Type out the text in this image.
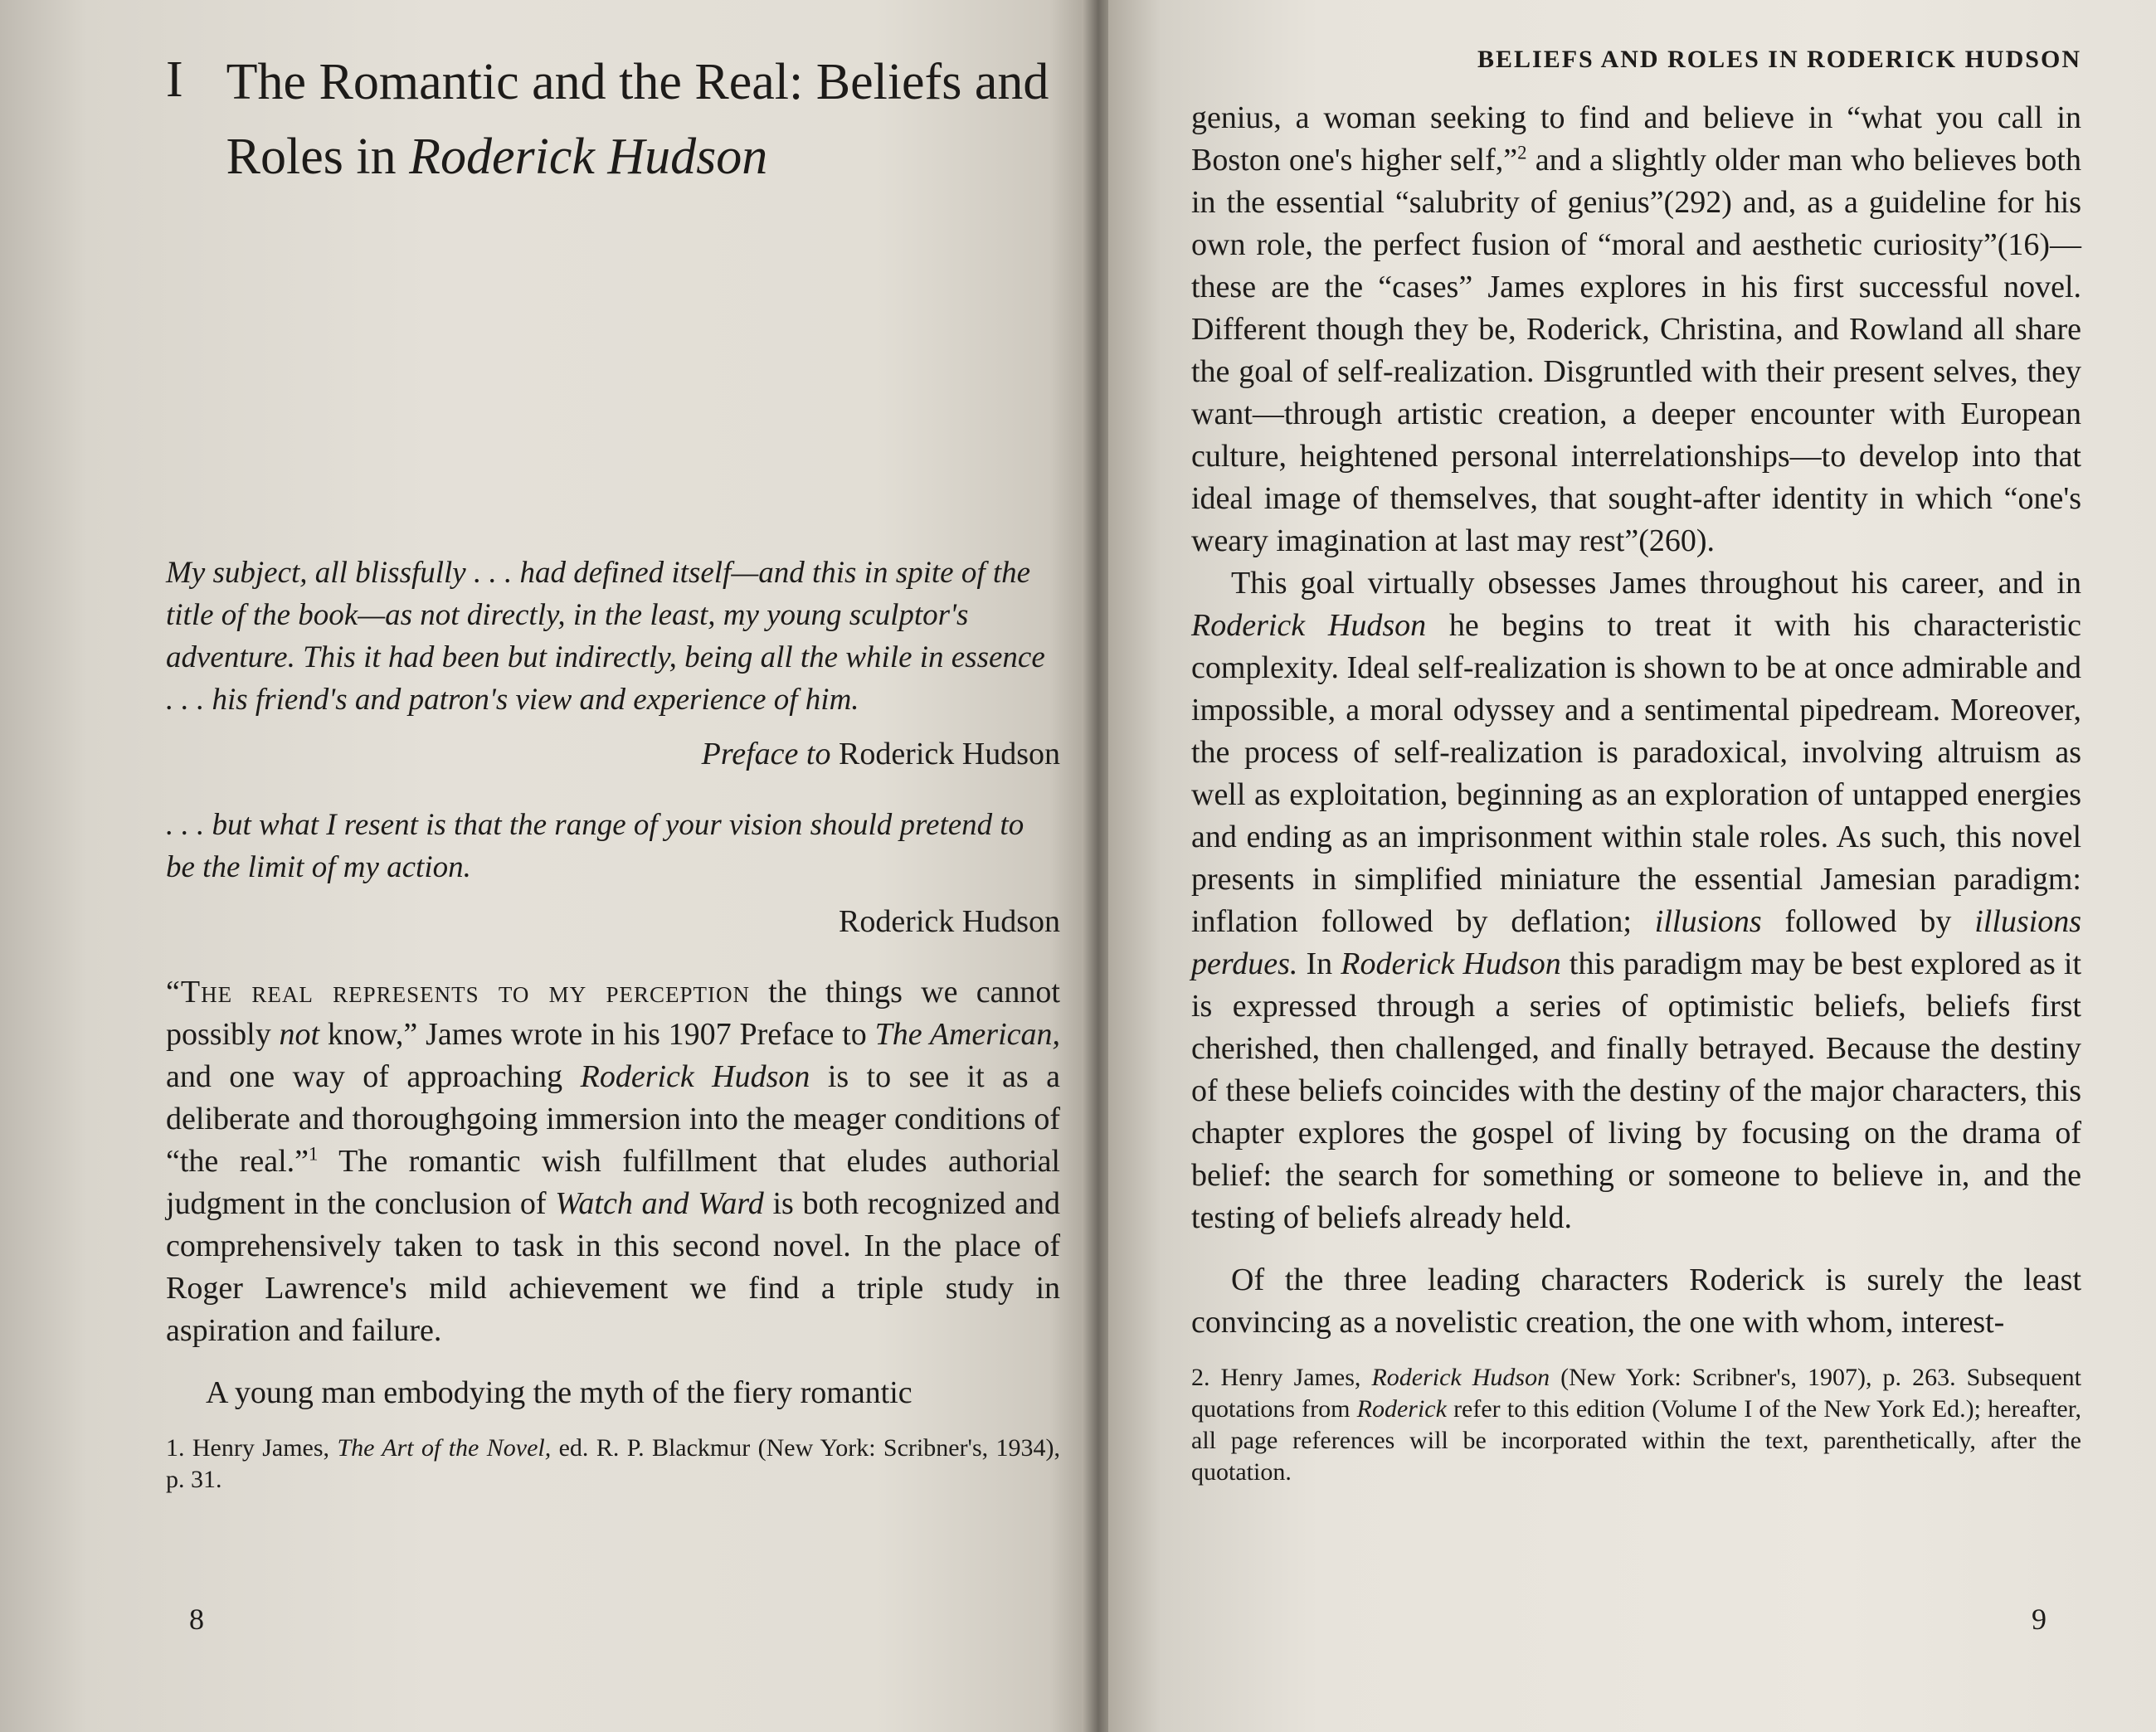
I The Romantic and the Real: Beliefs and Roles in Roderick Hudson
My subject, all blissfully . . . had defined itself—and this in spite of the title of the book—as not directly, in the least, my young sculptor's adventure. This it had been but indirectly, being all the while in essence . . . his friend's and patron's view and experience of him.
Preface to Roderick Hudson
. . . but what I resent is that the range of your vision should pretend to be the limit of my action.
Roderick Hudson

“The real represents to my perception the things we cannot possibly not know,” James wrote in his 1907 Preface to The American, and one way of approaching Roderick Hudson is to see it as a deliberate and thoroughgoing immersion into the meager conditions of “the real.”$^1$ The romantic wish fulfillment that eludes authorial judgment in the conclusion of Watch and Ward is both recognized and comprehensively taken to task in this second novel. In the place of Roger Lawrence's mild achievement we find a triple study in aspiration and failure.

A young man embodying the myth of the fiery romantic

1. Henry James, The Art of the Novel, ed. R. P. Blackmur (New York: Scribner's, 1934), p. 31.
8
BELIEFS AND ROLES IN RODERICK HUDSON

genius, a woman seeking to find and believe in “what you call in Boston one's higher self,”$^2$ and a slightly older man who believes both in the essential “salubrity of genius”(292) and, as a guideline for his own role, the perfect fusion of “moral and aesthetic curiosity”(16)—these are the “cases” James explores in his first successful novel. Different though they be, Roderick, Christina, and Rowland all share the goal of self-realization. Disgruntled with their present selves, they want—through artistic creation, a deeper encounter with European culture, heightened personal interrelationships—to develop into that ideal image of themselves, that sought-after identity in which “one's weary imagination at last may rest”(260).

This goal virtually obsesses James throughout his career, and in Roderick Hudson he begins to treat it with his characteristic complexity. Ideal self-realization is shown to be at once admirable and impossible, a moral odyssey and a sentimental pipedream. Moreover, the process of self-realization is paradoxical, involving altruism as well as exploitation, beginning as an exploration of untapped energies and ending as an imprisonment within stale roles. As such, this novel presents in simplified miniature the essential Jamesian paradigm: inflation followed by deflation; illusions followed by illusions perdues. In Roderick Hudson this paradigm may be best explored as it is expressed through a series of optimistic beliefs, beliefs first cherished, then challenged, and finally betrayed. Because the destiny of these beliefs coincides with the destiny of the major characters, this chapter explores the gospel of living by focusing on the drama of belief: the search for something or someone to believe in, and the testing of beliefs already held.

Of the three leading characters Roderick is surely the least convincing as a novelistic creation, the one with whom, interest-

2. Henry James, Roderick Hudson (New York: Scribner's, 1907), p. 263. Subsequent quotations from Roderick refer to this edition (Volume I of the New York Ed.); hereafter, all page references will be incorporated within the text, parenthetically, after the quotation.
9
